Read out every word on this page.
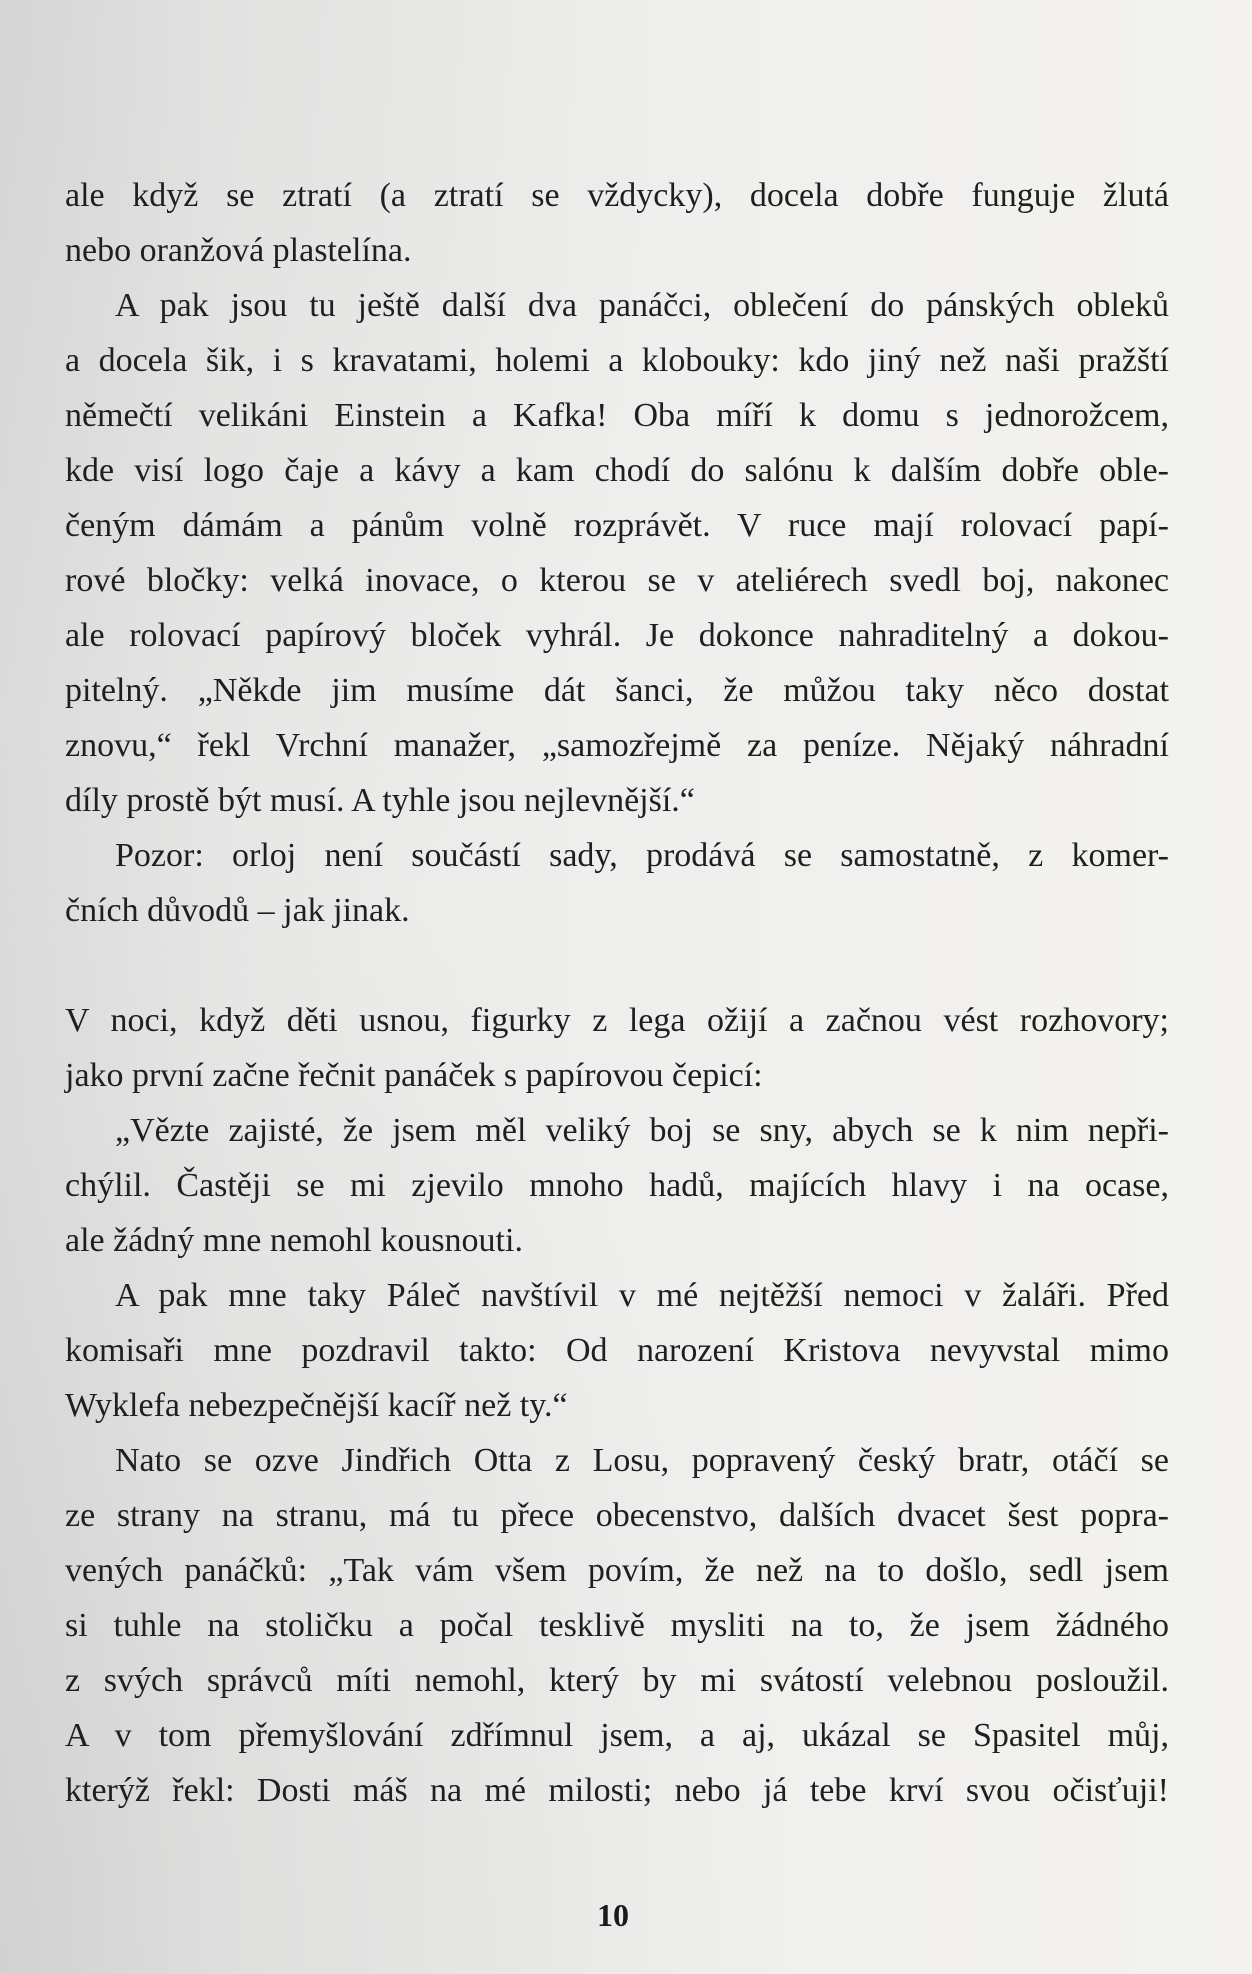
ale když se ztratí (a ztratí se vždycky), docela dobře funguje žlutá
nebo oranžová plastelína.
A pak jsou tu ještě další dva panáčci, oblečení do pánských obleků
a docela šik, i s kravatami, holemi a klobouky: kdo jiný než naši pražští
němečtí velikáni Einstein a Kafka! Oba míří k domu s jednorožcem,
kde visí logo čaje a kávy a kam chodí do salónu k dalším dobře oble-
čeným dámám a pánům volně rozprávět. V ruce mají rolovací papí-
rové bločky: velká inovace, o kterou se v ateliérech svedl boj, nakonec
ale rolovací papírový bloček vyhrál. Je dokonce nahraditelný a dokou-
pitelný. „Někde jim musíme dát šanci, že můžou taky něco dostat
znovu,“ řekl Vrchní manažer, „samozřejmě za peníze. Nějaký náhradní
díly prostě být musí. A tyhle jsou nejlevnější.“
Pozor: orloj není součástí sady, prodává se samostatně, z komer-
čních důvodů – jak jinak.
V noci, když děti usnou, figurky z lega ožijí a začnou vést rozhovory;
jako první začne řečnit panáček s papírovou čepicí:
„Vězte zajisté, že jsem měl veliký boj se sny, abych se k nim nepři-
chýlil. Častěji se mi zjevilo mnoho hadů, majících hlavy i na ocase,
ale žádný mne nemohl kousnouti.
A pak mne taky Páleč navštívil v mé nejtěžší nemoci v žaláři. Před
komisaři mne pozdravil takto: Od narození Kristova nevyvstal mimo
Wyklefa nebezpečnější kacíř než ty.“
Nato se ozve Jindřich Otta z Losu, popravený český bratr, otáčí se
ze strany na stranu, má tu přece obecenstvo, dalších dvacet šest popra-
vených panáčků: „Tak vám všem povím, že než na to došlo, sedl jsem
si tuhle na stoličku a počal tesklivě mysliti na to, že jsem žádného
z svých správců míti nemohl, který by mi svátostí velebnou posloužil.
A v tom přemyšlování zdřímnul jsem, a aj, ukázal se Spasitel můj,
kterýž řekl: Dosti máš na mé milosti; nebo já tebe krví svou očisťuji!
10
